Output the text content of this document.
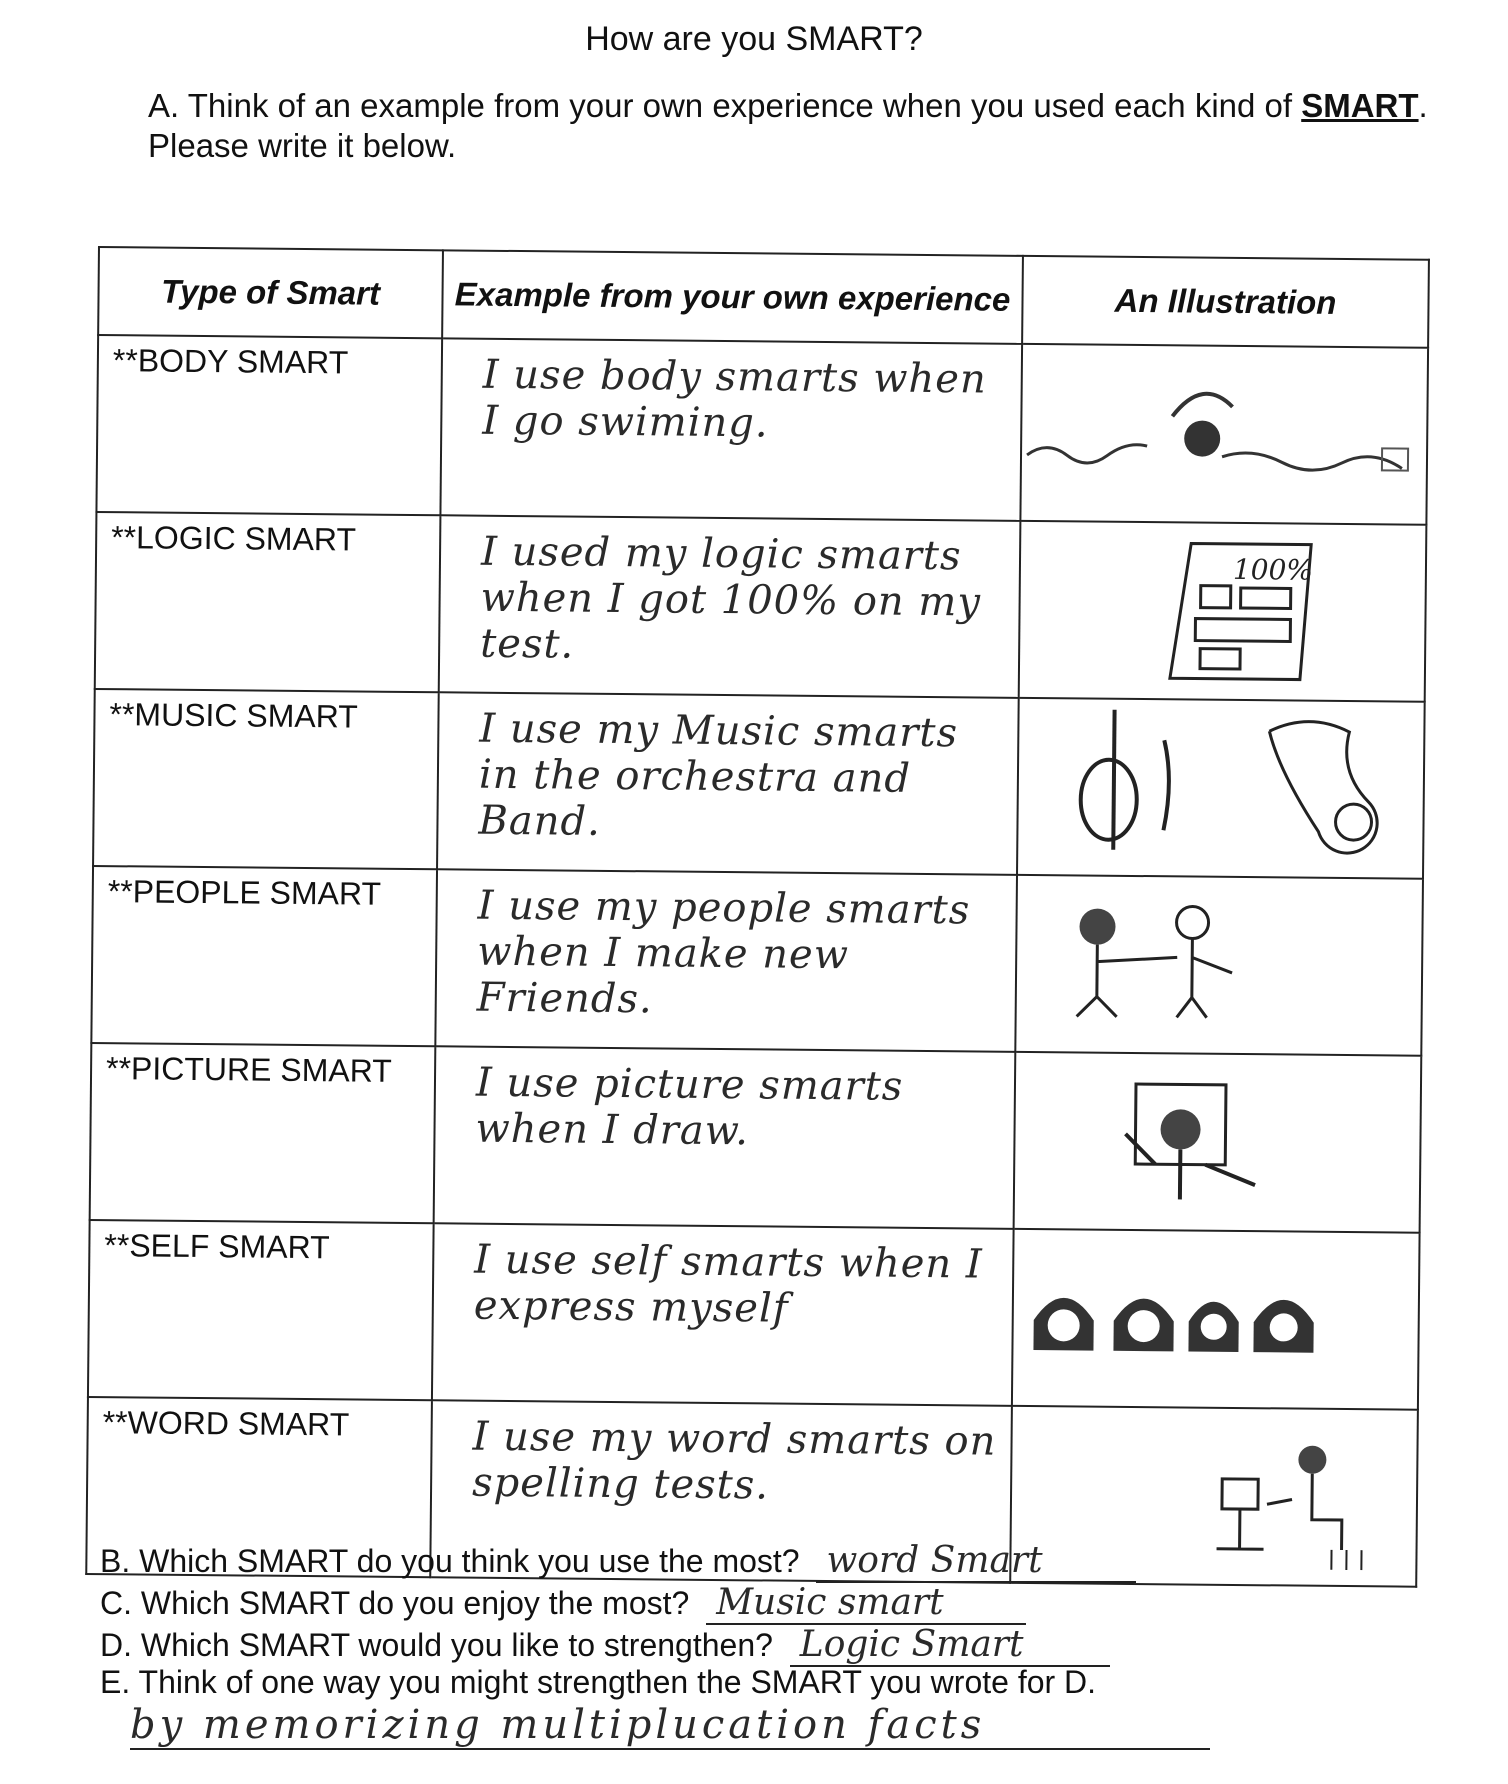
How are you SMART?
A. Think of an example from your own experience when you used each kind of SMART. Please write it below.
Type of Smart	Example from your own experience	An Illustration
**BODY SMART	I use body smarts when I go swiming.	

**LOGIC SMART	I used my logic smarts when I got 100% on my test.	100%

**MUSIC SMART	I use my Music smarts in the orchestra and Band.	

**PEOPLE SMART	I use my people smarts when I make new Friends.	

**PICTURE SMART	I use picture smarts when I draw.	

**SELF SMART	I use self smarts when I express myself	

**WORD SMART	I use my word smarts on spelling tests.	
B. Which SMART do you think you use the most? word Smart
C. Which SMART do you enjoy the most? Music smart
D. Which SMART would you like to strengthen? Logic Smart
E. Think of one way you might strengthen the SMART you wrote for D.
by memorizing multiplucation facts
